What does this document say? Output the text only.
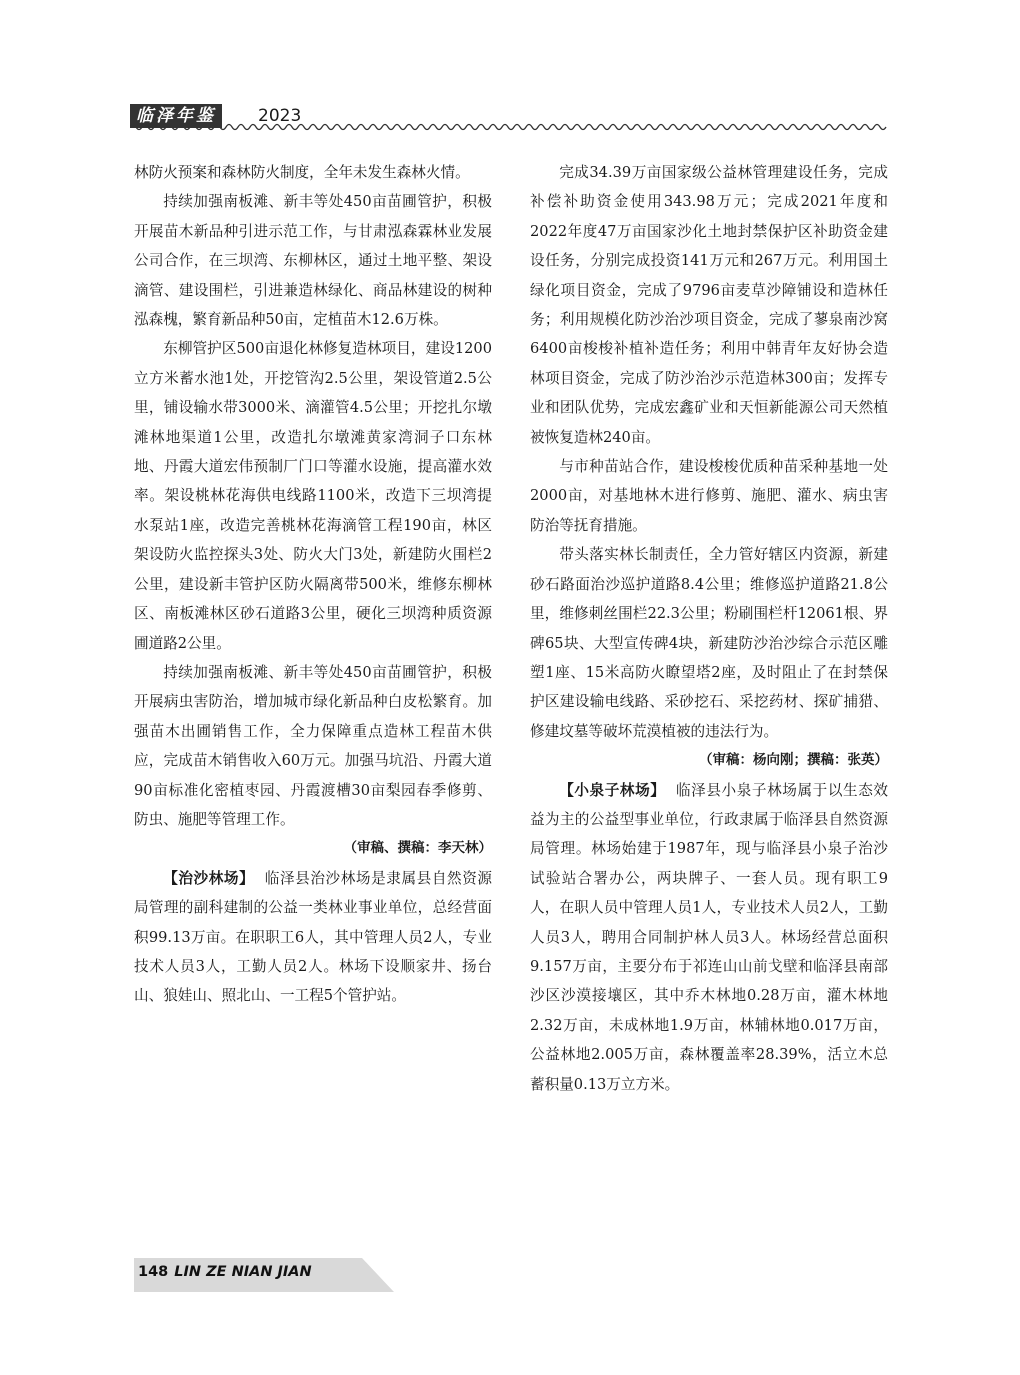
临泽年鉴	2023

林防火预案和森林防火制度，全年未发生森林火情。

持续加强南板滩、新丰等处450亩苗圃管护，积极开展苗木新品种引进示范工作，与甘肃泓森霖林业发展公司合作，在三坝湾、东柳林区，通过土地平整、架设滴管、建设围栏，引进兼造林绿化、商品林建设的树种泓森槐，繁育新品种50亩，定植苗木12.6万株。

东柳管护区500亩退化林修复造林项目，建设1200立方米蓄水池1处，开挖管沟2.5公里，架设管道2.5公里，铺设输水带3000米、滴灌管4.5公里；开挖扎尔墩滩林地渠道1公里，改造扎尔墩滩黄家湾洞子口东林地、丹霞大道宏伟预制厂门口等灌水设施，提高灌水效率。架设桃林花海供电线路1100米，改造下三坝湾提水泵站1座，改造完善桃林花海滴管工程190亩，林区架设防火监控探头3处、防火大门3处，新建防火围栏2公里，建设新丰管护区防火隔离带500米，维修东柳林区、南板滩林区砂石道路3公里，硬化三坝湾种质资源圃道路2公里。

持续加强南板滩、新丰等处450亩苗圃管护，积极开展病虫害防治，增加城市绿化新品种白皮松繁育。加强苗木出圃销售工作，全力保障重点造林工程苗木供应，完成苗木销售收入60万元。加强马坑沿、丹霞大道90亩标准化密植枣园、丹霞渡槽30亩梨园春季修剪、防虫、施肥等管理工作。

（审稿、撰稿：李天林）

【治沙林场】 临泽县治沙林场是隶属县自然资源局管理的副科建制的公益一类林业事业单位，总经营面积99.13万亩。在职职工6人，其中管理人员2人，专业技术人员3人，工勤人员2人。林场下设顺家井、扬台山、狼娃山、照北山、一工程5个管护站。

完成34.39万亩国家级公益林管理建设任务，完成补偿补助资金使用343.98万元；完成2021年度和2022年度47万亩国家沙化土地封禁保护区补助资金建设任务，分别完成投资141万元和267万元。利用国土绿化项目资金，完成了9796亩麦草沙障铺设和造林任务；利用规模化防沙治沙项目资金，完成了蓼泉南沙窝6400亩梭梭补植补造任务；利用中韩青年友好协会造林项目资金，完成了防沙治沙示范造林300亩；发挥专业和团队优势，完成宏鑫矿业和天恒新能源公司天然植被恢复造林240亩。

与市种苗站合作，建设梭梭优质种苗采种基地一处2000亩，对基地林木进行修剪、施肥、灌水、病虫害防治等抚育措施。

带头落实林长制责任，全力管好辖区内资源，新建砂石路面治沙巡护道路8.4公里；维修巡护道路21.8公里，维修刺丝围栏22.3公里；粉刷围栏杆12061根、界碑65块、大型宣传碑4块，新建防沙治沙综合示范区雕塑1座、15米高防火瞭望塔2座，及时阻止了在封禁保护区建设输电线路、采砂挖石、采挖药材、探矿捕猎、修建坟墓等破坏荒漠植被的违法行为。

（审稿：杨向刚；撰稿：张英）

【小泉子林场】 临泽县小泉子林场属于以生态效益为主的公益型事业单位，行政隶属于临泽县自然资源局管理。林场始建于1987年，现与临泽县小泉子治沙试验站合署办公，两块牌子、一套人员。现有职工9人，在职人员中管理人员1人，专业技术人员2人，工勤人员3人，聘用合同制护林人员3人。林场经营总面积9.157万亩，主要分布于祁连山山前戈壁和临泽县南部沙区沙漠接壤区，其中乔木林地0.28万亩，灌木林地2.32万亩，未成林地1.9万亩，林辅林地0.017万亩，公益林地2.005万亩，森林覆盖率28.39%，活立木总蓄积量0.13万立方米。

148 LIN ZE NIAN JIAN
